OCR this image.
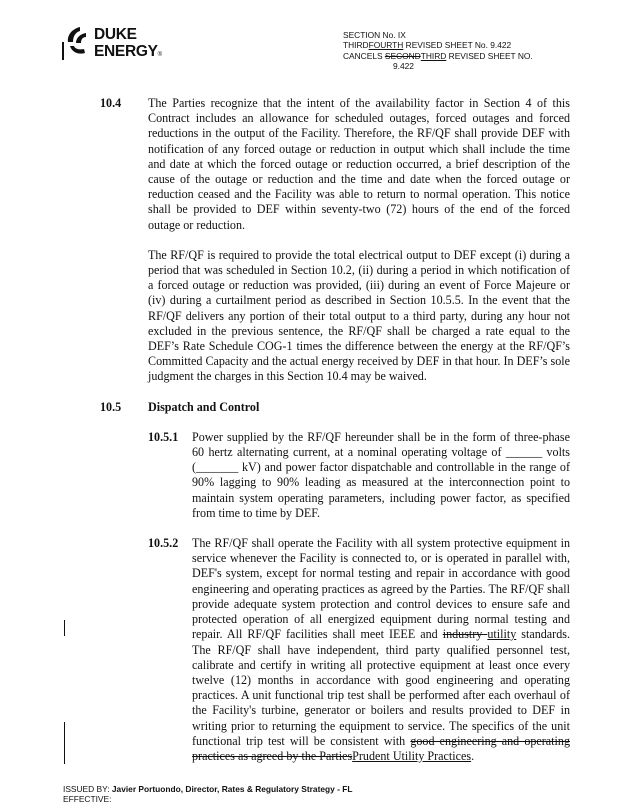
DUKE
ENERGY®
SECTION No. IX
THIRDFOURTH REVISED SHEET No. 9.422
CANCELS SECONDTHIRD REVISED SHEET NO.
9.422
10.4 The Parties recognize that the intent of the availability factor in Section 4 of this Contract includes an allowance for scheduled outages, forced outages and forced reductions in the output of the Facility. Therefore, the RF/QF shall provide DEF with notification of any forced outage or reduction in output which shall include the time and date at which the forced outage or reduction occurred, a brief description of the cause of the outage or reduction and the time and date when the forced outage or reduction ceased and the Facility was able to return to normal operation. This notice shall be provided to DEF within seventy-two (72) hours of the end of the forced outage or reduction.

The RF/QF is required to provide the total electrical output to DEF except (i) during a period that was scheduled in Section 10.2, (ii) during a period in which notification of a forced outage or reduction was provided, (iii) during an event of Force Majeure or (iv) during a curtailment period as described in Section 10.5.5. In the event that the RF/QF delivers any portion of their total output to a third party, during any hour not excluded in the previous sentence, the RF/QF shall be charged a rate equal to the DEF’s Rate Schedule COG-1 times the difference between the energy at the RF/QF’s Committed Capacity and the actual energy received by DEF in that hour. In DEF’s sole judgment the charges in this Section 10.4 may be waived.

10.5 Dispatch and Control
10.5.1 Power supplied by the RF/QF hereunder shall be in the form of three-phase 60 hertz alternating current, at a nominal operating voltage of ______ volts (_______ kV) and power factor dispatchable and controllable in the range of 90% lagging to 90% leading as measured at the interconnection point to maintain system operating parameters, including power factor, as specified from time to time by DEF.

10.5.2 The RF/QF shall operate the Facility with all system protective equipment in service whenever the Facility is connected to, or is operated in parallel with, DEF's system, except for normal testing and repair in accordance with good engineering and operating practices as agreed by the Parties. The RF/QF shall provide adequate system protection and control devices to ensure safe and protected operation of all energized equipment during normal testing and repair. All RF/QF facilities shall meet IEEE and industry utility standards. The RF/QF shall have independent, third party qualified personnel test, calibrate and certify in writing all protective equipment at least once every twelve (12) months in accordance with good engineering and operating practices. A unit functional trip test shall be performed after each overhaul of the Facility's turbine, generator or boilers and results provided to DEF in writing prior to returning the equipment to service. The specifics of the unit functional trip test will be consistent with good engineering and operating practices as agreed by the PartiesPrudent Utility Practices.

ISSUED BY: Javier Portuondo, Director, Rates & Regulatory Strategy - FL
EFFECTIVE:
